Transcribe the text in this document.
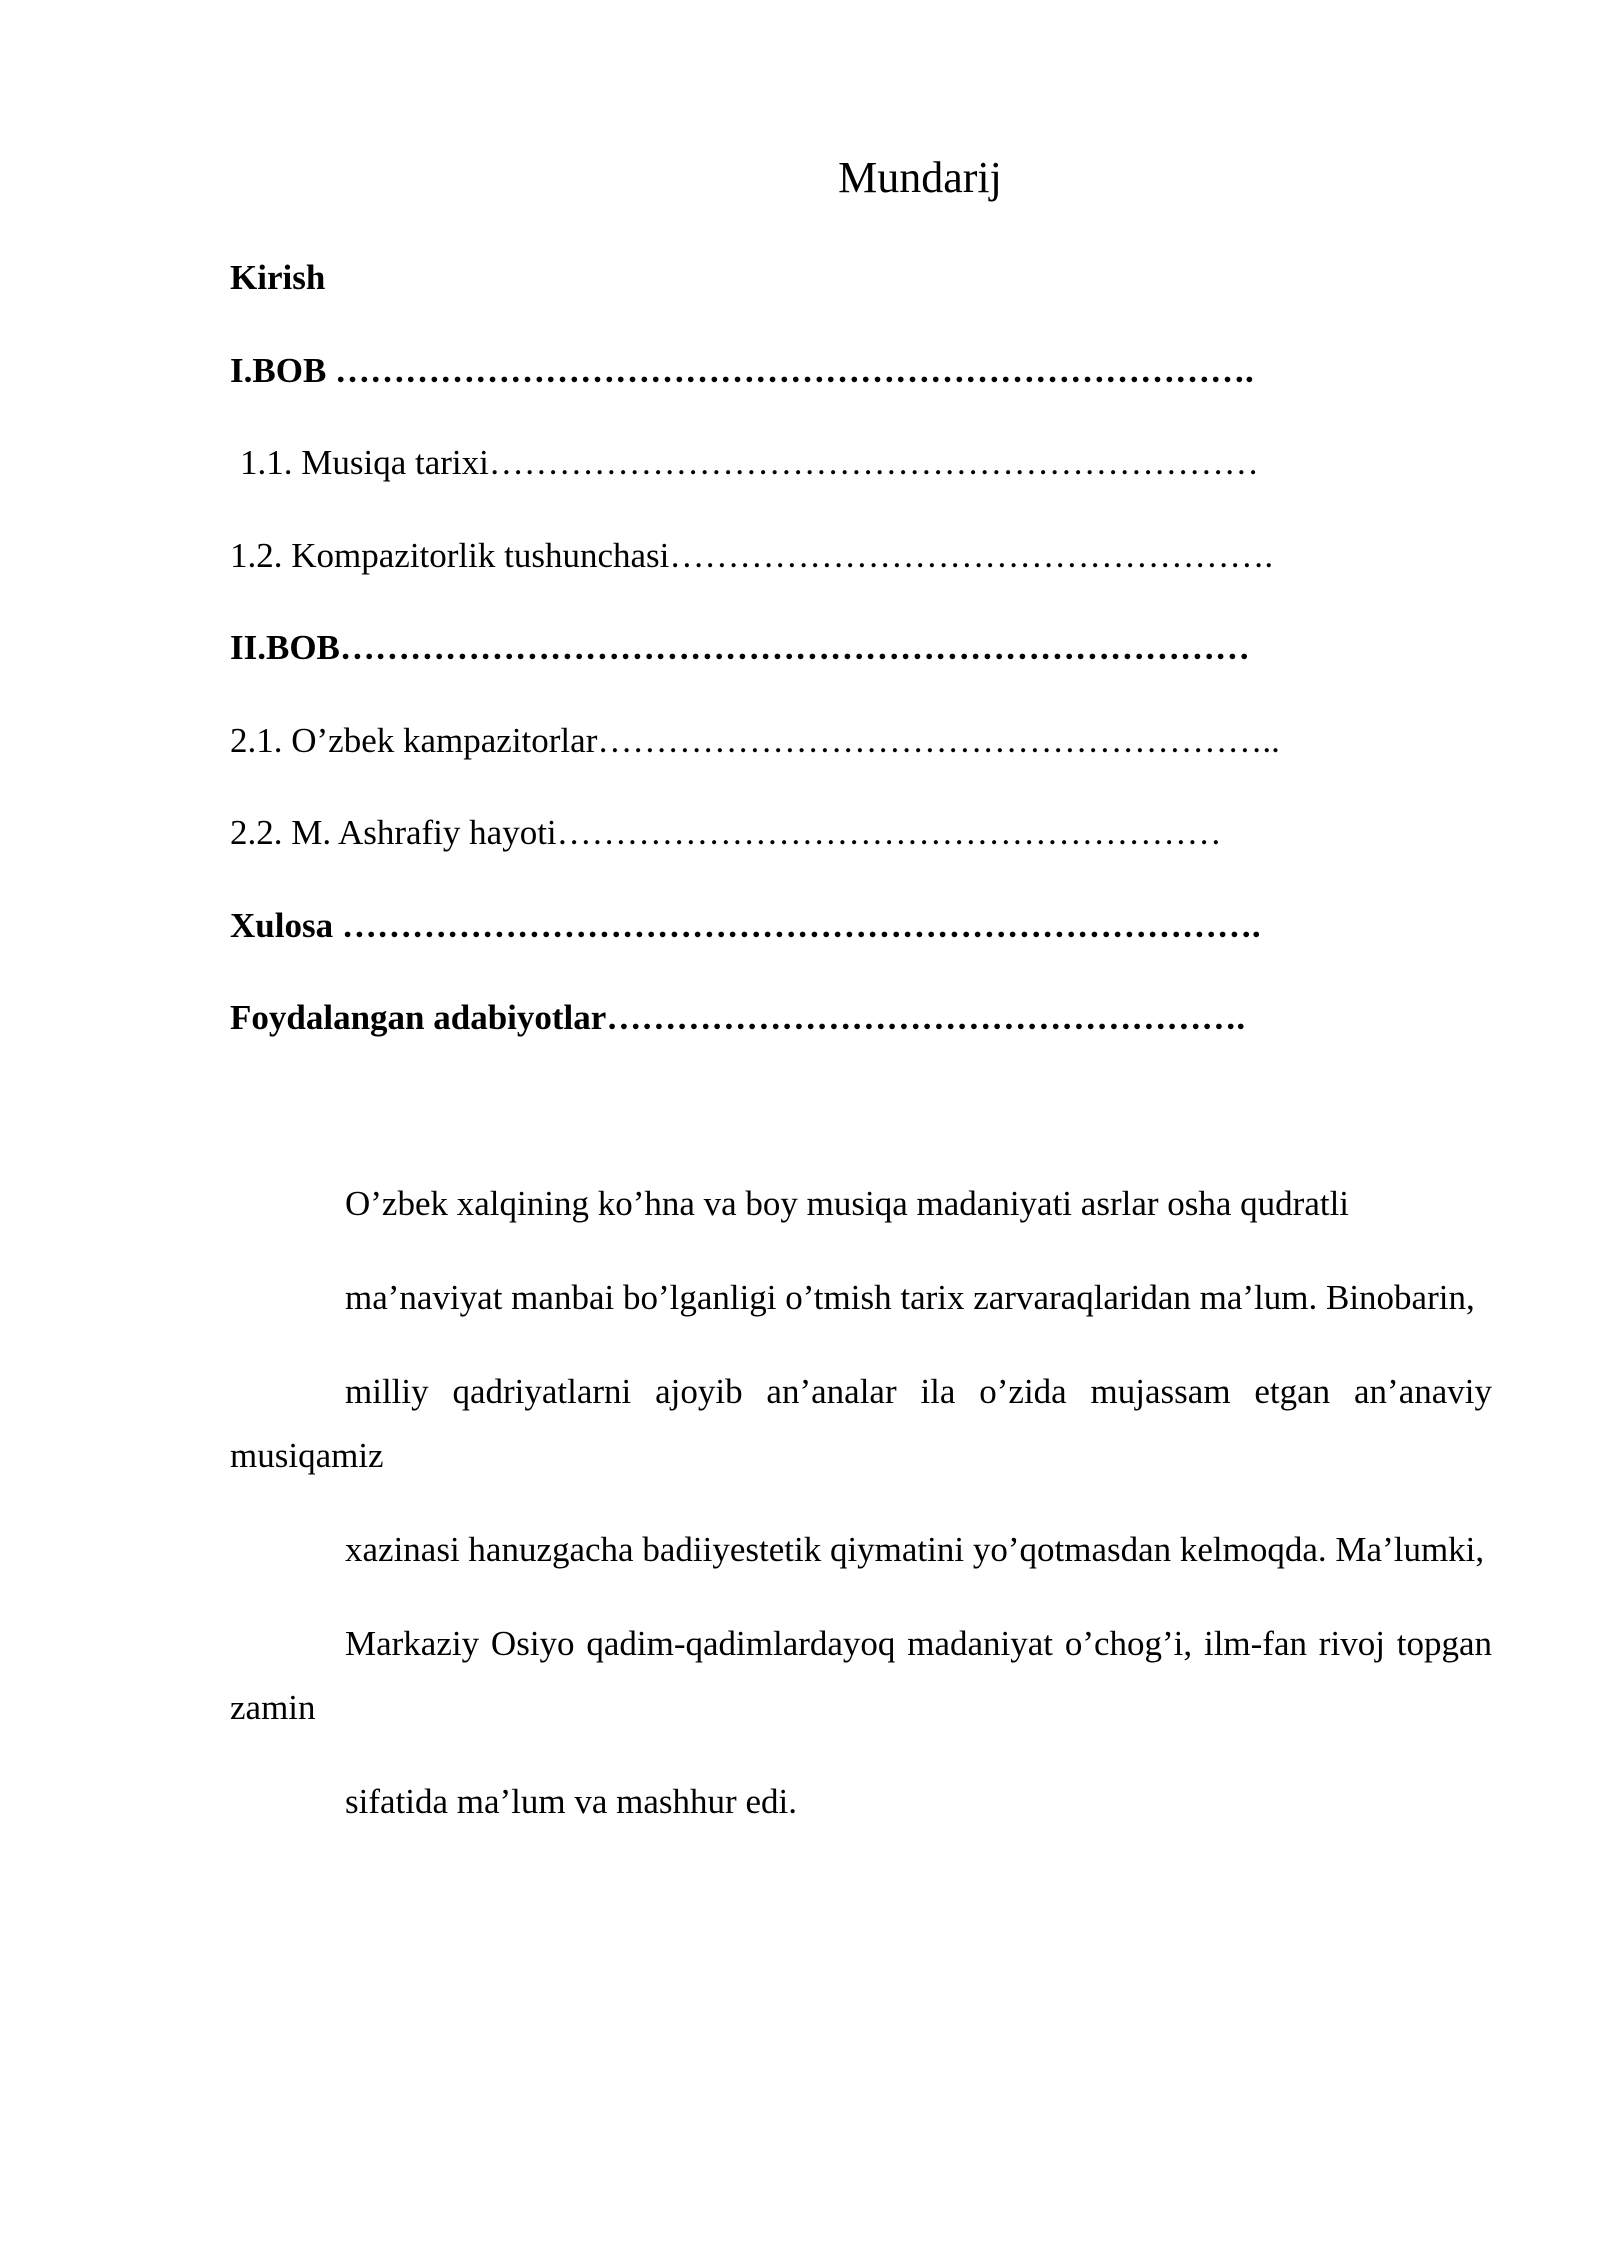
Mundarij
Kirish
I.BOB …………………………………………………………………….
1.1. Musiqa tarixi…………………………………………………………
1.2. Kompazitorlik tushunchasi…………………………………………….
II.BOB……………………………………………………………………
2.1. O’zbek kampazitorlar…………………………………………………..
2.2. M. Ashrafiy hayoti…………………………………………………
Xulosa …………………………………………………………………….
Foydalangan adabiyotlar……………………………………………….

O’zbek xalqining ko’hna va boy musiqa madaniyati asrlar osha qudratli

ma’naviyat manbai bo’lganligi o’tmish tarix zarvaraqlaridan ma’lum. Binobarin,

milliy qadriyatlarni ajoyib an’analar ila o’zida mujassam etgan an’anaviy musiqamiz

xazinasi hanuzgacha badiiyestetik qiymatini yo’qotmasdan kelmoqda. Ma’lumki,

Markaziy Osiyo qadim-qadimlardayoq madaniyat o’chog’i, ilm-fan rivoj topgan zamin

sifatida ma’lum va mashhur edi.
